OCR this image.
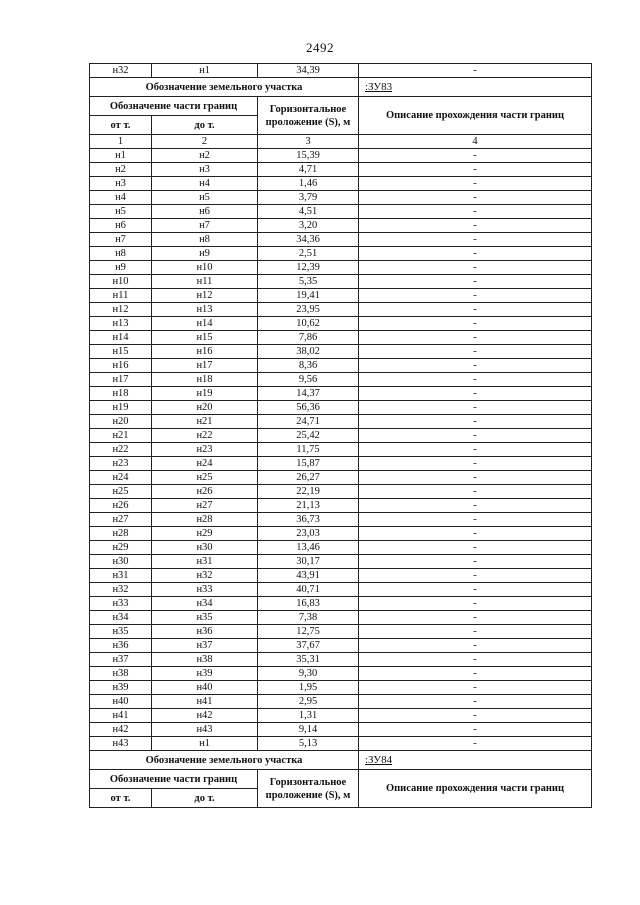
2492
н32	н1	34,39	-
Обозначение земельного участка			:ЗУ83
Обозначение части границ		Горизонтальное проложение (S), м	Описание прохождения части границ
от т.	до т.		
1	2	3	4
н1	н2	15,39	-
н2	н3	4,71	-
н3	н4	1,46	-
н4	н5	3,79	-
н5	н6	4,51	-
н6	н7	3,20	-
н7	н8	34,36	-
н8	н9	2,51	-
н9	н10	12,39	-
н10	н11	5,35	-
н11	н12	19,41	-
н12	н13	23,95	-
н13	н14	10,62	-
н14	н15	7,86	-
н15	н16	38,02	-
н16	н17	8,36	-
н17	н18	9,56	-
н18	н19	14,37	-
н19	н20	56,36	-
н20	н21	24,71	-
н21	н22	25,42	-
н22	н23	11,75	-
н23	н24	15,87	-
н24	н25	26,27	-
н25	н26	22,19	-
н26	н27	21,13	-
н27	н28	36,73	-
н28	н29	23,03	-
н29	н30	13,46	-
н30	н31	30,17	-
н31	н32	43,91	-
н32	н33	40,71	-
н33	н34	16,83	-
н34	н35	7,38	-
н35	н36	12,75	-
н36	н37	37,67	-
н37	н38	35,31	-
н38	н39	9,30	-
н39	н40	1,95	-
н40	н41	2,95	-
н41	н42	1,31	-
н42	н43	9,14	-
н43	н1	5,13	-
Обозначение земельного участка			:ЗУ84
Обозначение части границ		Горизонтальное проложение (S), м	Описание прохождения части границ
от т.	до т.		
